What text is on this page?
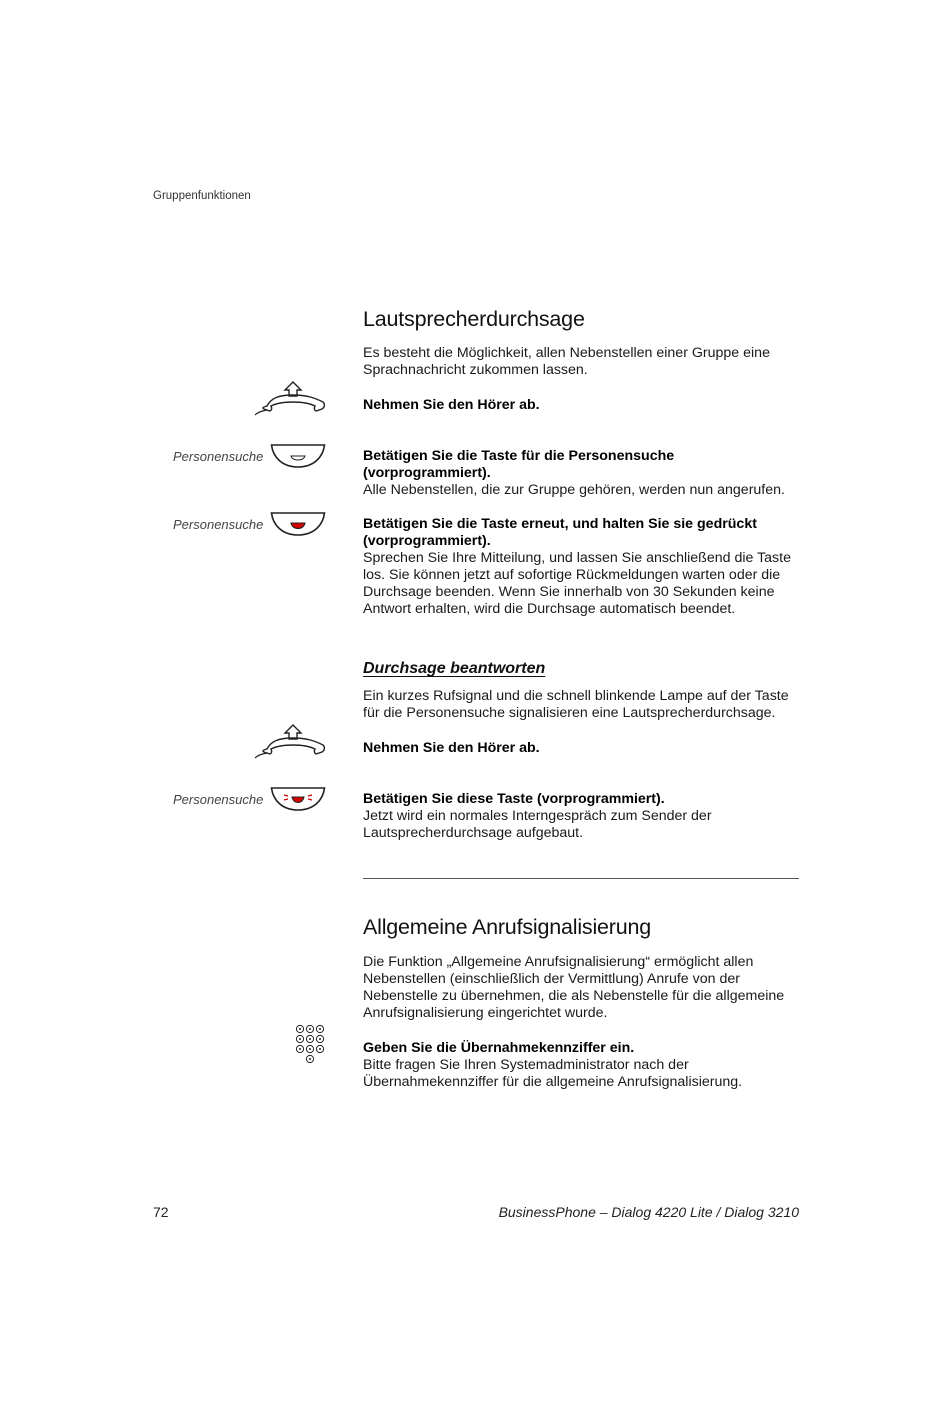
Gruppenfunktionen
Lautsprecherdurchsage
Es besteht die Möglichkeit, allen Nebenstellen einer Gruppe eine Sprachnachricht zukommen lassen.
Nehmen Sie den Hörer ab.
Personensuche	Betätigen Sie die Taste für die Personensuche (vorprogrammiert).
Alle Nebenstellen, die zur Gruppe gehören, werden nun angerufen.
Personensuche	Betätigen Sie die Taste erneut, und halten Sie sie gedrückt (vorprogrammiert).
Sprechen Sie Ihre Mitteilung, und lassen Sie anschließend die Taste los. Sie können jetzt auf sofortige Rückmeldungen warten oder die Durchsage beenden. Wenn Sie innerhalb von 30 Sekunden keine Antwort erhalten, wird die Durchsage automatisch beendet.
Durchsage beantworten
Ein kurzes Rufsignal und die schnell blinkende Lampe auf der Taste für die Personensuche signalisieren eine Lautsprecherdurchsage.
Nehmen Sie den Hörer ab.
Personensuche	Betätigen Sie diese Taste (vorprogrammiert).
Jetzt wird ein normales Interngespräch zum Sender der Lautsprecherdurchsage aufgebaut.
Allgemeine Anrufsignalisierung
Die Funktion „Allgemeine Anrufsignalisierung“ ermöglicht allen Nebenstellen (einschließlich der Vermittlung) Anrufe von der Nebenstelle zu übernehmen, die als Nebenstelle für die allgemeine Anrufsignalisierung eingerichtet wurde.
Geben Sie die Übernahmekennziffer ein.
Bitte fragen Sie Ihren Systemadministrator nach der Übernahmekennziffer für die allgemeine Anrufsignalisierung.
72	BusinessPhone – Dialog 4220 Lite / Dialog 3210
